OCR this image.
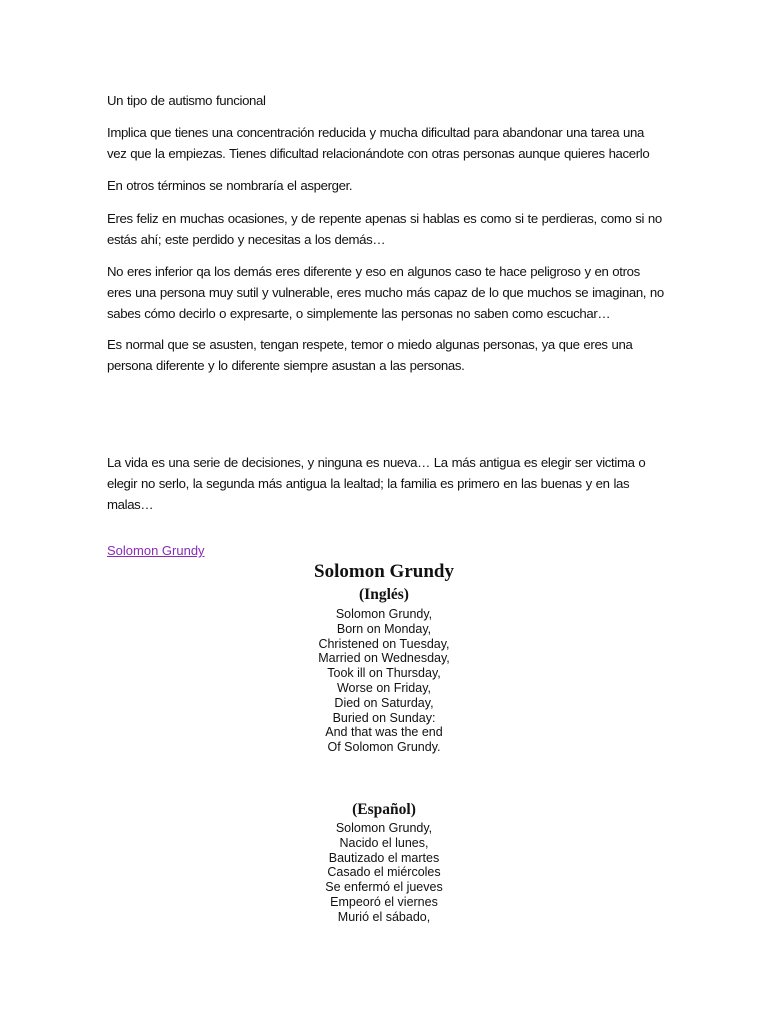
Un tipo de autismo funcional

Implica que tienes una concentración reducida y mucha dificultad para abandonar una tarea una vez que la empiezas. Tienes dificultad relacionándote con otras personas aunque quieres hacerlo

En otros términos se nombraría el asperger.

Eres feliz en muchas ocasiones, y de repente apenas si hablas es como si te perdieras, como si no estás ahí; este perdido y necesitas a los demás…

No eres inferior qa los demás eres diferente y eso en algunos caso te hace peligroso y en otros eres una persona muy sutil y vulnerable, eres mucho más capaz de lo que muchos se imaginan, no sabes cómo decirlo o expresarte, o simplemente las personas no saben como escuchar…

Es normal que se asusten, tengan respete, temor o miedo algunas personas, ya que eres una persona diferente y lo diferente siempre asustan a las personas.

La vida es una serie de decisiones, y ninguna es nueva… La más antigua es elegir ser victima o elegir no serlo, la segunda más antigua la lealtad; la familia es primero en las buenas y en las malas…

Solomon Grundy
Solomon Grundy
(Inglés)
Solomon Grundy,
Born on Monday,
Christened on Tuesday,
Married on Wednesday,
Took ill on Thursday,
Worse on Friday,
Died on Saturday,
Buried on Sunday:
And that was the end
Of Solomon Grundy.
(Español)
Solomon Grundy,
Nacido el lunes,
Bautizado el martes
Casado el miércoles
Se enfermó el jueves
Empeoró el viernes
Murió el sábado,
